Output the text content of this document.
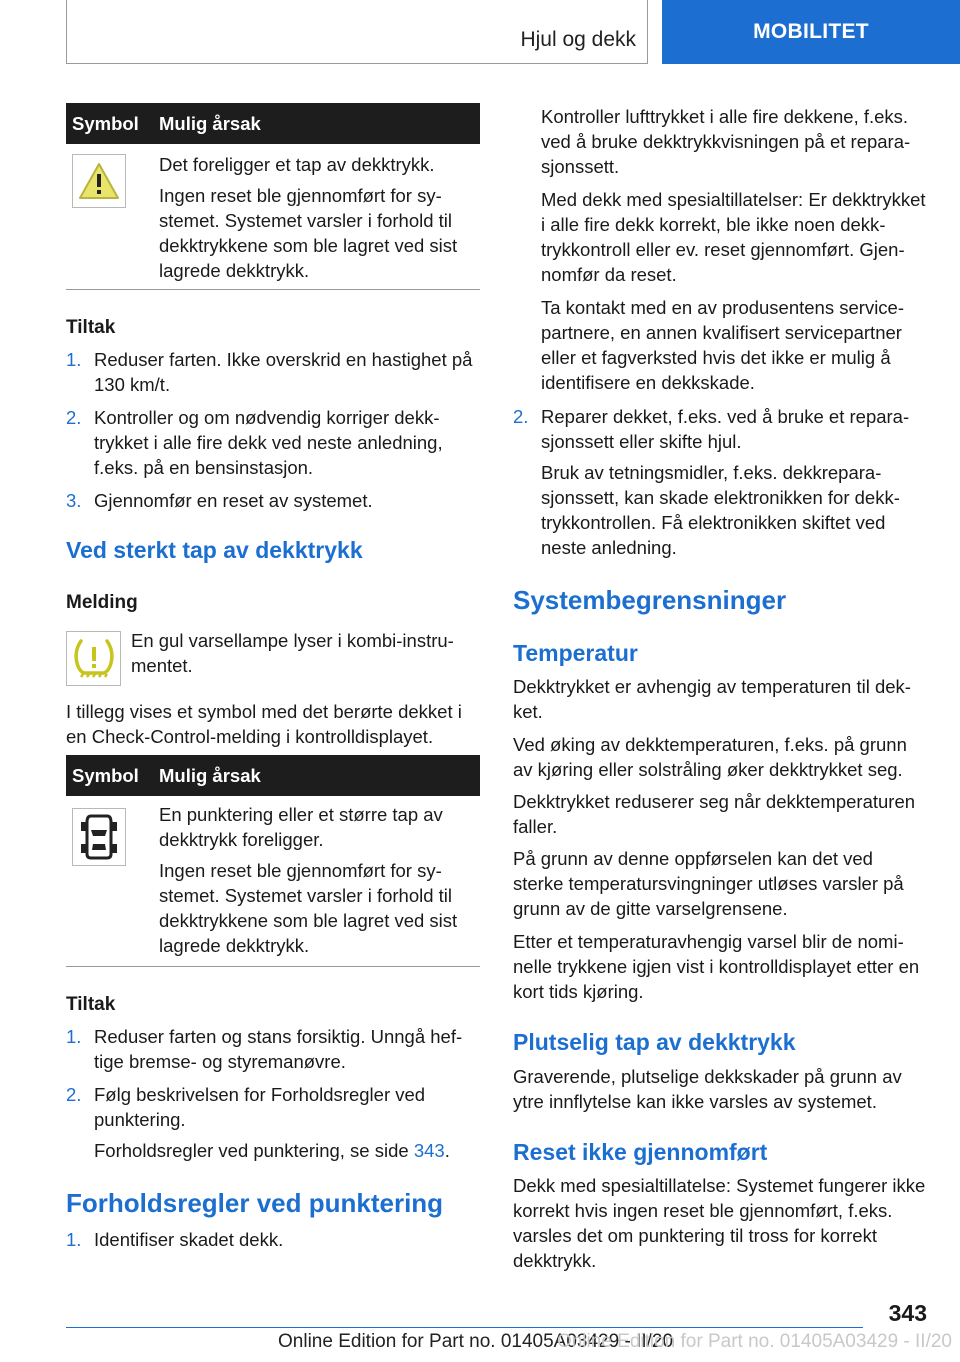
Hjul og dekk	MOBILITET
Symbol	Mulig årsak

Det foreligger et tap av dekktrykk.

Ingen reset ble gjennomført for systemet. Systemet varsler i forhold til dekktrykkene som ble lagret ved sist lagrede dekktrykk.

Tiltak
1. Reduser farten. Ikke overskrid en hastighet på 130 km/t.
2. Kontroller og om nødvendig korriger dekktrykket i alle fire dekk ved neste anledning, f.eks. på en bensinstasjon.
3. Gjennomfør en reset av systemet.
Ved sterkt tap av dekktrykk
Melding
En gul varsellampe lyser i kombi-instrumentet.
I tillegg vises et symbol med det berørte dekket i en Check-Control-melding i kontrolldisplayet.
Symbol	Mulig årsak

En punktering eller et større tap av dekktrykk foreligger.

Ingen reset ble gjennomført for systemet. Systemet varsler i forhold til dekktrykkene som ble lagret ved sist lagrede dekktrykk.

Tiltak
1. Reduser farten og stans forsiktig. Unngå heftige bremse- og styremanøvre.
2. Følg beskrivelsen for Forholdsregler ved punktering.
Forholdsregler ved punktering, se side 343.
Forholdsregler ved punktering
1. Identifiser skadet dekk.
Kontroller lufttrykket i alle fire dekkene, f.eks. ved å bruke dekktrykkvisningen på et reparasjonssett.
Med dekk med spesialtillatelser: Er dekktrykket i alle fire dekk korrekt, ble ikke noen dekktrykkontroll eller ev. reset gjennomført. Gjennomfør da reset.
Ta kontakt med en av produsentens servicepartnere, en annen kvalifisert servicepartner eller et fagverksted hvis det ikke er mulig å identifisere en dekkskade.
2. Reparer dekket, f.eks. ved å bruke et reparasjonssett eller skifte hjul.
Bruk av tetningsmidler, f.eks. dekkreparasjonssett, kan skade elektronikken for dekktrykkontrollen. Få elektronikken skiftet ved neste anledning.
Systembegrensninger
Temperatur
Dekktrykket er avhengig av temperaturen til dekket.
Ved øking av dekktemperaturen, f.eks. på grunn av kjøring eller solstråling øker dekktrykket seg.
Dekktrykket reduserer seg når dekktemperaturen faller.
På grunn av denne oppførselen kan det ved sterke temperatursvingninger utløses varsler på grunn av de gitte varselgrensene.
Etter et temperaturavhengig varsel blir de nominelle trykkene igjen vist i kontrolldisplayet etter en kort tids kjøring.
Plutselig tap av dekktrykk
Graverende, plutselige dekkskader på grunn av ytre innflytelse kan ikke varsles av systemet.
Reset ikke gjennomført
Dekk med spesialtillatelse: Systemet fungerer ikke korrekt hvis ingen reset ble gjennomført, f.eks. varsles det om punktering til tross for korrekt dekktrykk.
343
Online Edition for Part no. 01405A03429 - II/20
Online Edition for Part no. 01405A03429 - II/20
